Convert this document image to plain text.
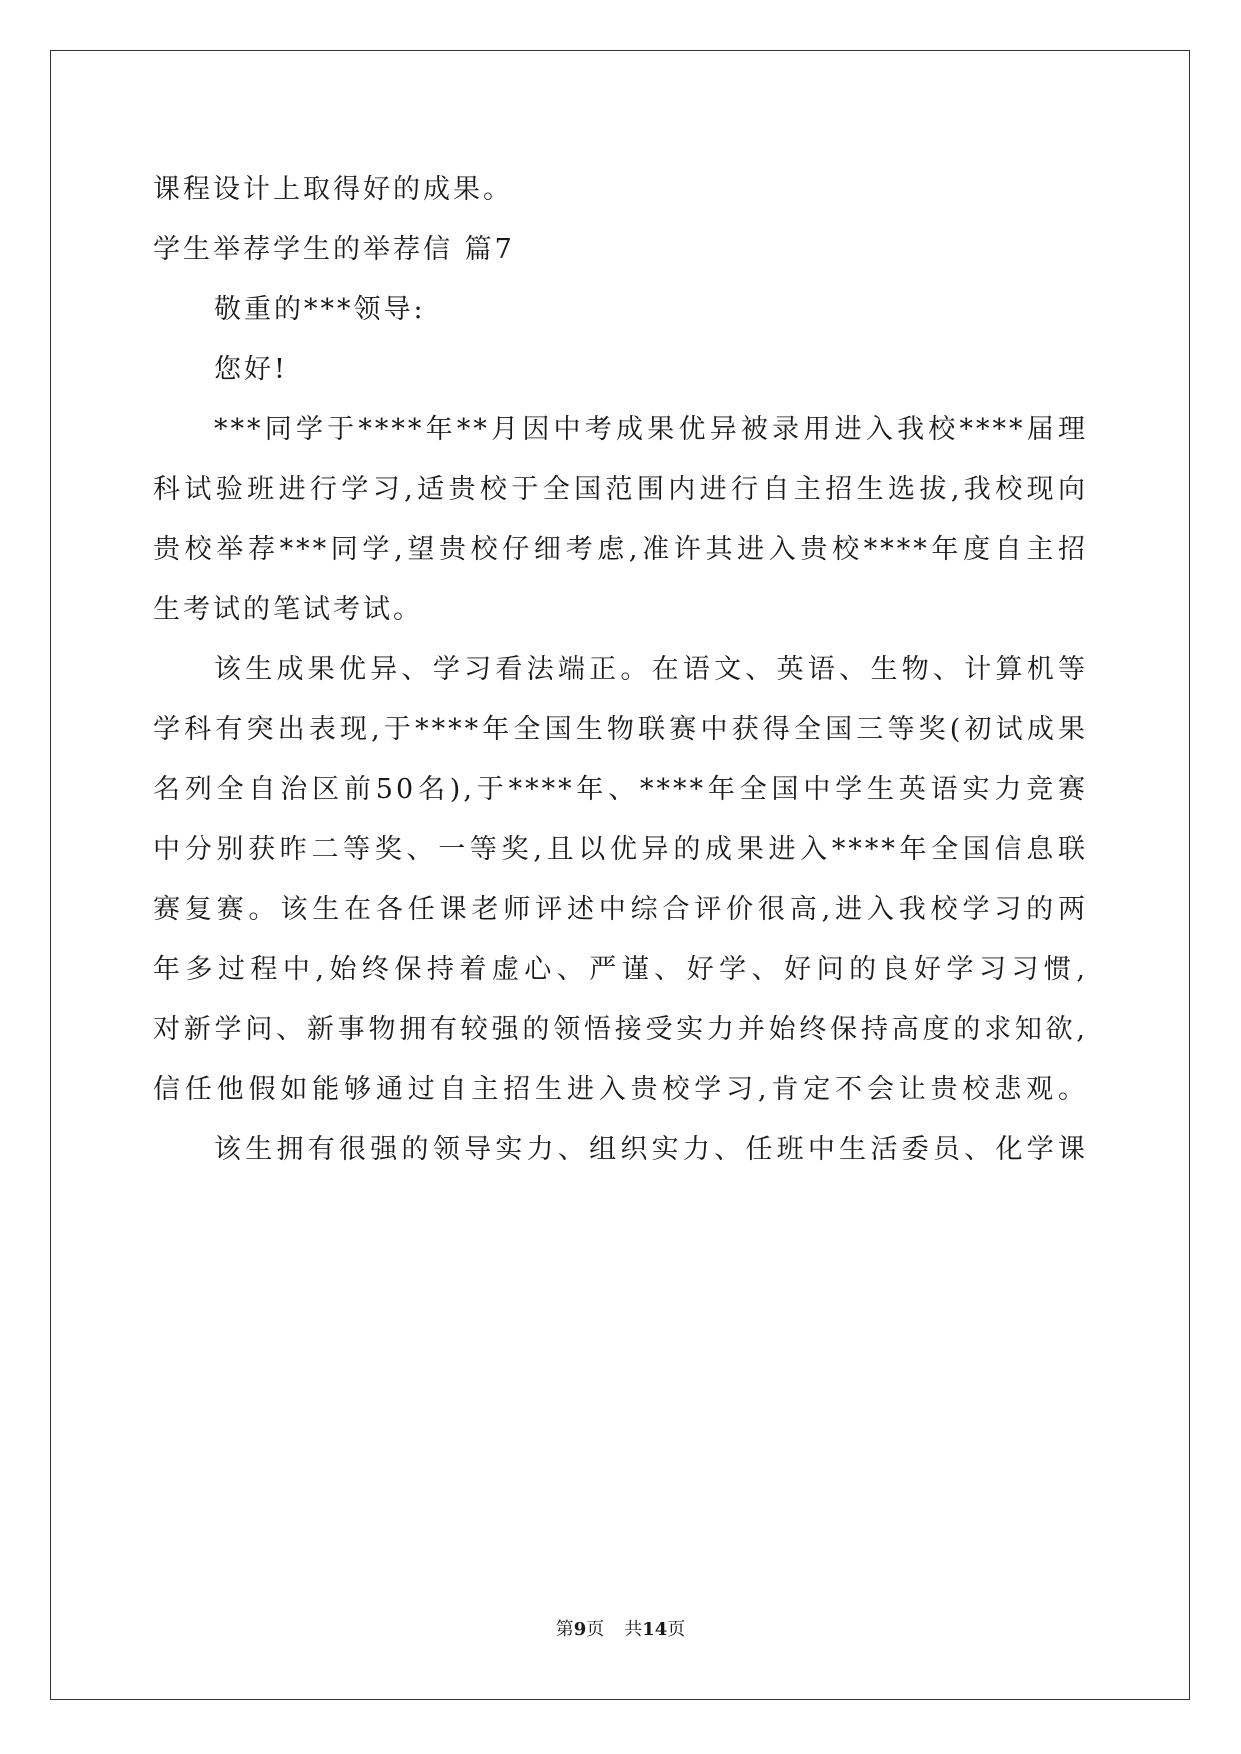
课程设计上取得好的成果。
学生举荐学生的举荐信 篇7
敬重的***领导:
您好!
***同学于****年**月因中考成果优异被录用进入我校****届理
科试验班进行学习,适贵校于全国范围内进行自主招生选拔,我校现向
贵校举荐***同学,望贵校仔细考虑,准许其进入贵校****年度自主招
生考试的笔试考试。
该生成果优异、学习看法端正。在语文、英语、生物、计算机等
学科有突出表现,于****年全国生物联赛中获得全国三等奖(初试成果
名列全自治区前50名),于****年、****年全国中学生英语实力竞赛
中分别获昨二等奖、一等奖,且以优异的成果进入****年全国信息联
赛复赛。该生在各任课老师评述中综合评价很高,进入我校学习的两
年多过程中,始终保持着虚心、严谨、好学、好问的良好学习习惯,
对新学问、新事物拥有较强的领悟接受实力并始终保持高度的求知欲,
信任他假如能够通过自主招生进入贵校学习,肯定不会让贵校悲观。
该生拥有很强的领导实力、组织实力、任班中生活委员、化学课
第9页 共14页
